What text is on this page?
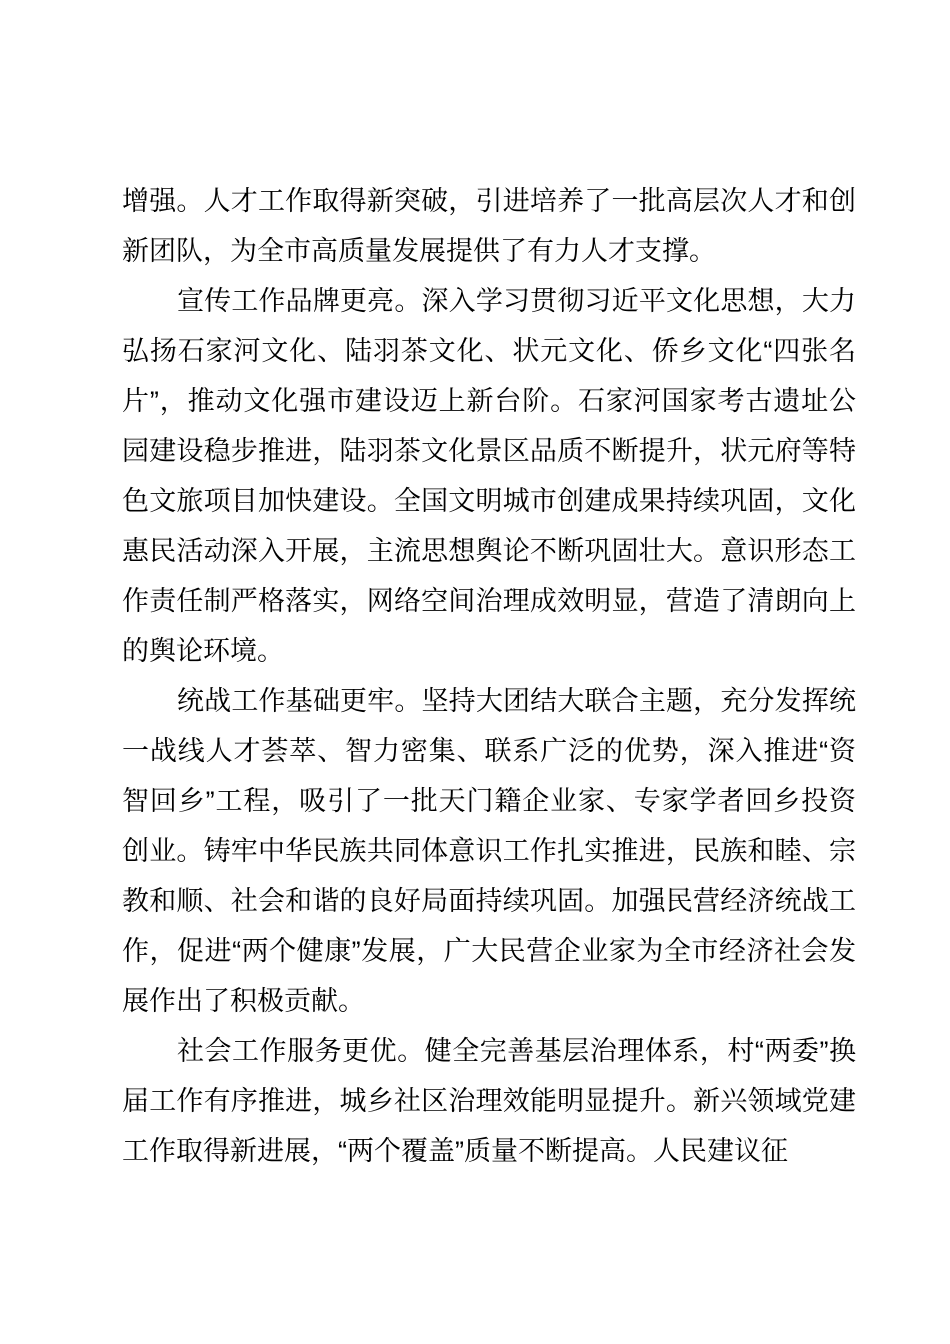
增强。人才工作取得新突破，引进培养了一批高层次人才和创新团队，为全市高质量发展提供了有力人才支撑。

宣传工作品牌更亮。深入学习贯彻习近平文化思想，大力弘扬石家河文化、陆羽茶文化、状元文化、侨乡文化“四张名片”，推动文化强市建设迈上新台阶。石家河国家考古遗址公园建设稳步推进，陆羽茶文化景区品质不断提升，状元府等特色文旅项目加快建设。全国文明城市创建成果持续巩固，文化惠民活动深入开展，主流思想舆论不断巩固壮大。意识形态工作责任制严格落实，网络空间治理成效明显，营造了清朗向上的舆论环境。

统战工作基础更牢。坚持大团结大联合主题，充分发挥统一战线人才荟萃、智力密集、联系广泛的优势，深入推进“资智回乡”工程，吸引了一批天门籍企业家、专家学者回乡投资创业。铸牢中华民族共同体意识工作扎实推进，民族和睦、宗教和顺、社会和谐的良好局面持续巩固。加强民营经济统战工作，促进“两个健康”发展，广大民营企业家为全市经济社会发展作出了积极贡献。

社会工作服务更优。健全完善基层治理体系，村“两委”换届工作有序推进，城乡社区治理效能明显提升。新兴领域党建工作取得新进展，“两个覆盖”质量不断提高。人民建议征
